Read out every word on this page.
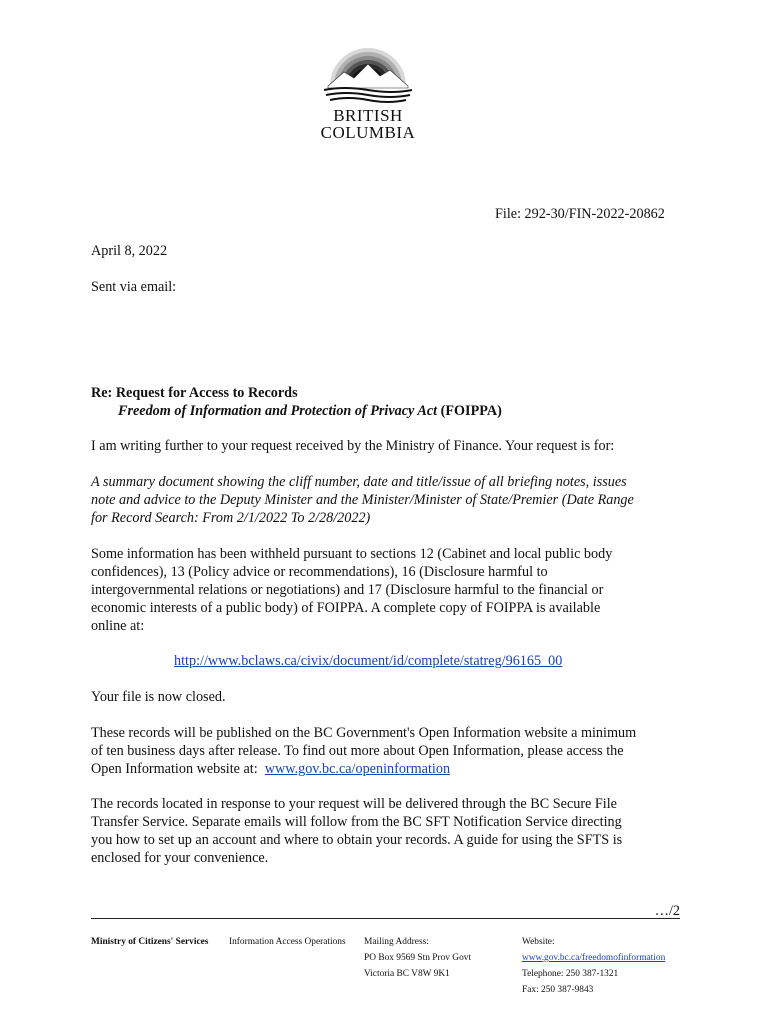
BRITISH
COLUMBIA
File: 292-30/FIN-2022-20862
April 8, 2022
Sent via email:
Re: Request for Access to Records
Freedom of Information and Protection of Privacy Act (FOIPPA)
I am writing further to your request received by the Ministry of Finance. Your request is for:
A summary document showing the cliff number, date and title/issue of all briefing notes, issues
note and advice to the Deputy Minister and the Minister/Minister of State/Premier (Date Range
for Record Search: From 2/1/2022 To 2/28/2022)
Some information has been withheld pursuant to sections 12 (Cabinet and local public body
confidences), 13 (Policy advice or recommendations), 16 (Disclosure harmful to
intergovernmental relations or negotiations) and 17 (Disclosure harmful to the financial or
economic interests of a public body) of FOIPPA. A complete copy of FOIPPA is available
online at:
http://www.bclaws.ca/civix/document/id/complete/statreg/96165_00
Your file is now closed.
These records will be published on the BC Government's Open Information website a minimum
of ten business days after release. To find out more about Open Information, please access the
Open Information website at:  www.gov.bc.ca/openinformation
The records located in response to your request will be delivered through the BC Secure File
Transfer Service. Separate emails will follow from the BC SFT Notification Service directing
you how to set up an account and where to obtain your records. A guide for using the SFTS is
enclosed for your convenience.
…/2
Ministry of Citizens' Services	Information Access Operations	Mailing Address:
PO Box 9569 Stn Prov Govt
Victoria BC V8W 9K1
Website:
www.gov.bc.ca/freedomofinformation
Telephone: 250 387-1321
Fax: 250 387-9843
